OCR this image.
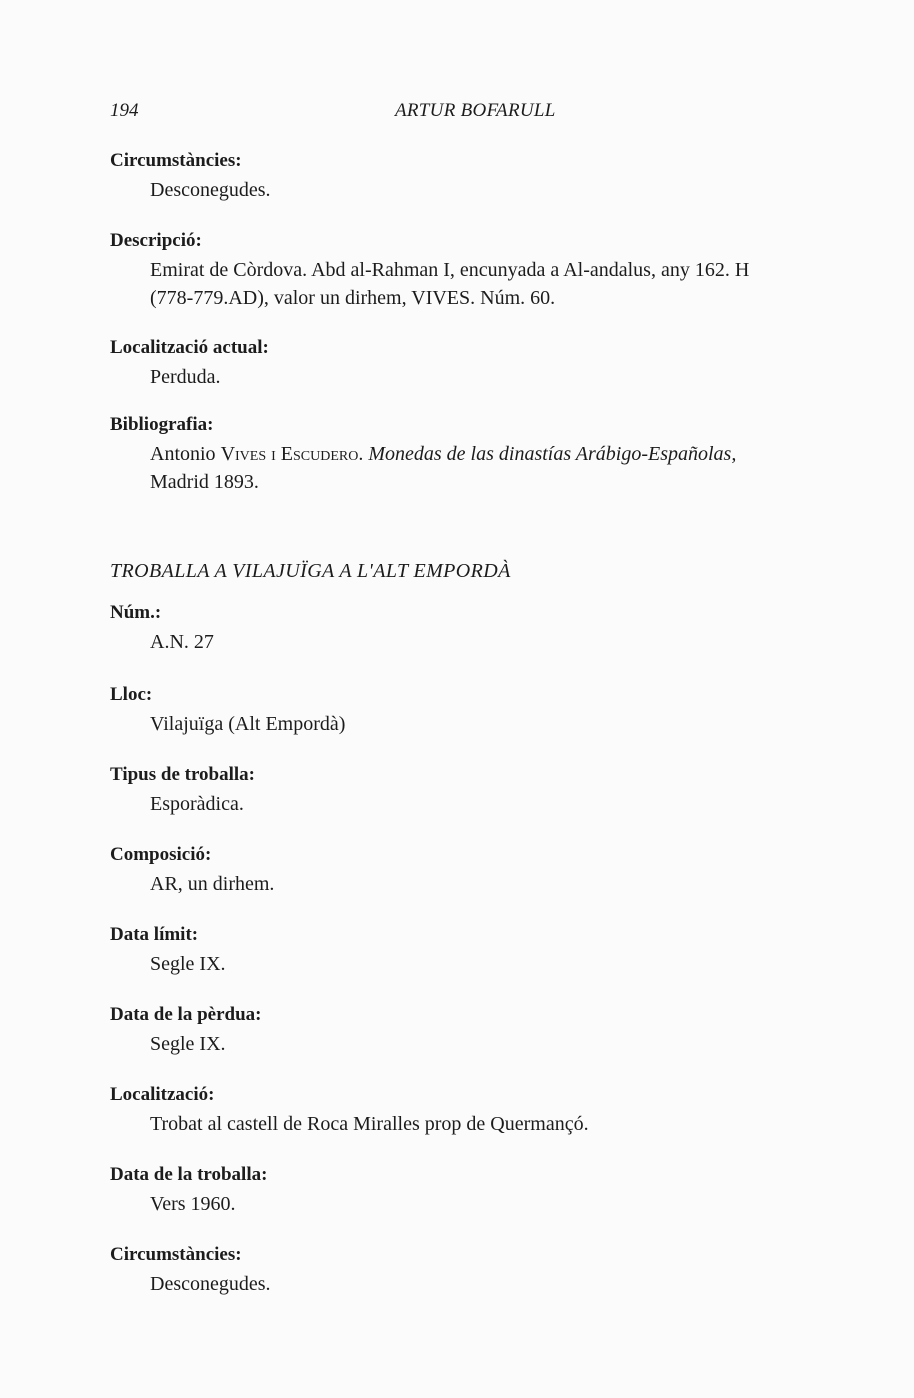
194	ARTUR BOFARULL

Circumstàncies:

Desconegudes.

Descripció:

Emirat de Còrdova. Abd al-Rahman I, encunyada a Al-andalus, any 162. H
(778-779.AD), valor un dirhem, VIVES. Núm. 60.

Localització actual:

Perduda.

Bibliografia:

Antonio Vives i Escudero. Monedas de las dinastías Arábigo-Españolas,
Madrid 1893.

TROBALLA A VILAJUÏGA A L'ALT EMPORDÀ

Núm.:

A.N. 27

Lloc:

Vilajuïga (Alt Empordà)

Tipus de troballa:

Esporàdica.

Composició:

AR, un dirhem.

Data límit:

Segle IX.

Data de la pèrdua:

Segle IX.

Localització:

Trobat al castell de Roca Miralles prop de Quermançó.

Data de la troballa:

Vers 1960.

Circumstàncies:

Desconegudes.
